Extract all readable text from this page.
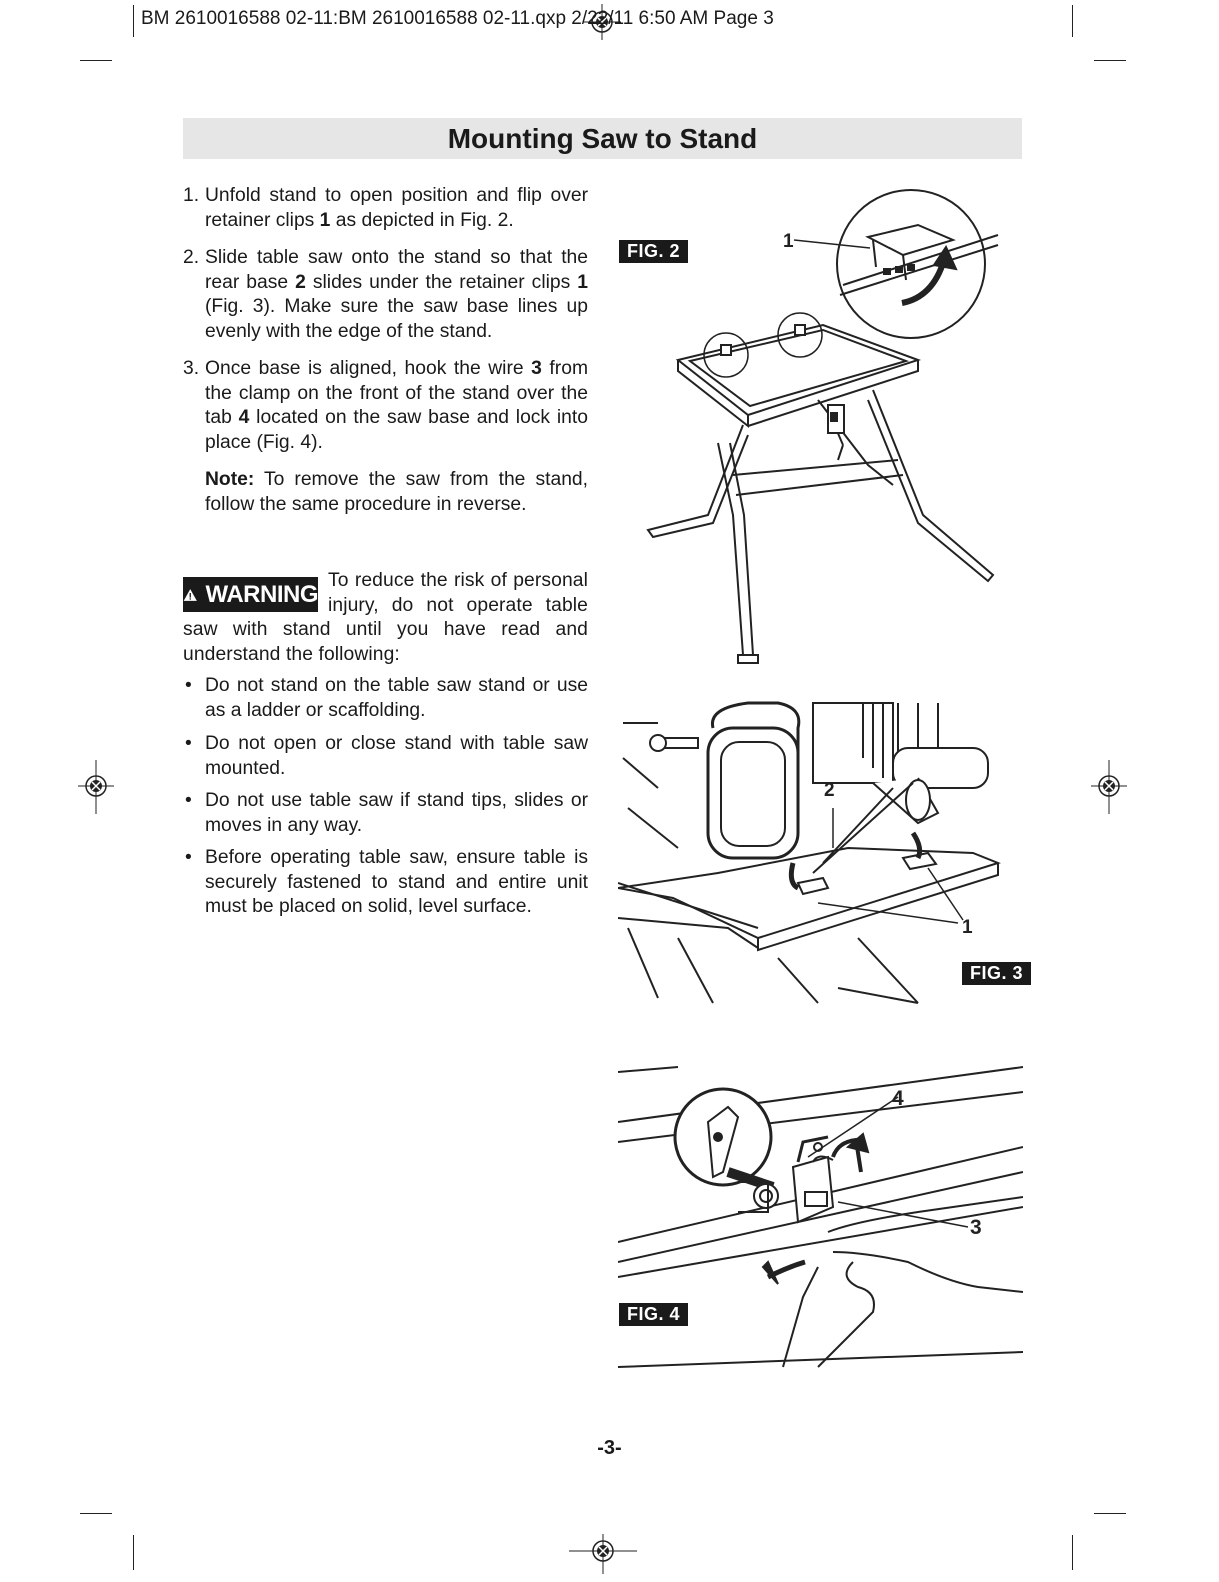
BM 2610016588 02-11:BM 2610016588 02-11.qxp 2/22/11 6:50 AM Page 3
Mounting Saw to Stand
1. Unfold stand to open position and flip over retainer clips 1 as depicted in Fig. 2.
2. Slide table saw onto the stand so that the rear base 2 slides under the retainer clips 1 (Fig. 3). Make sure the saw base lines up evenly with the edge of the stand.
3. Once base is aligned, hook the wire 3 from the clamp on the front of the stand over the tab 4 located on the saw base and lock into place (Fig. 4).
Note: To remove the saw from the stand, follow the same procedure in reverse.
To reduce the risk of personal injury, do not operate table saw with stand until you have read and understand the following:
• Do not stand on the table saw stand or use as a ladder or scaffolding.
• Do not open or close stand with table saw mounted.
• Do not use table saw if stand tips, slides or moves in any way.
• Before operating table saw, ensure table is securely fastened to stand and entire unit must be placed on solid, level surface.
WARNING
1
FIG. 2
2
1
FIG. 3
4
3
FIG. 4
-3-
